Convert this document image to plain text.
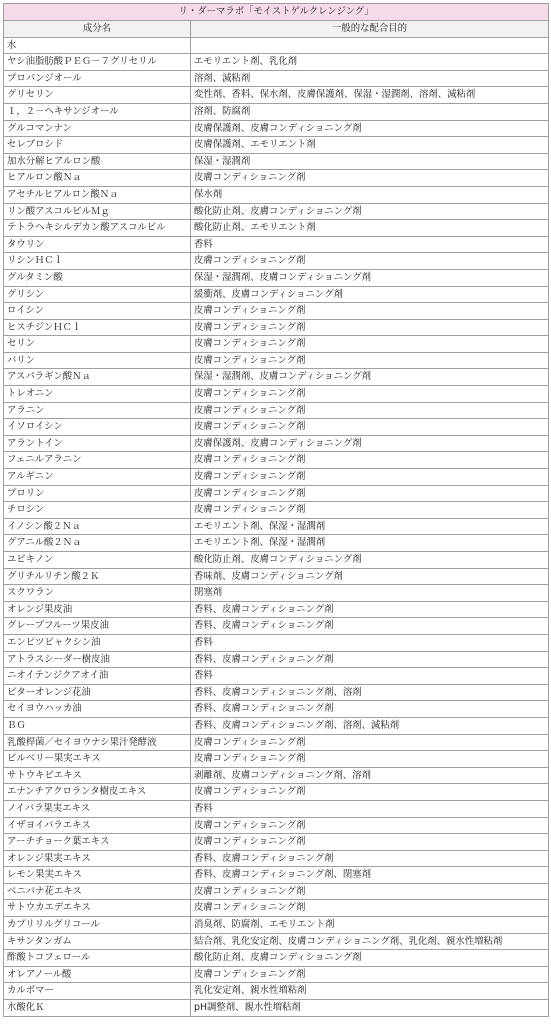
リ・ダーマラボ「モイストゲルクレンジング」	
成分名	一般的な配合目的
水	
ヤシ油脂肪酸ＰＥＧ－７グリセリル	エモリエント剤、乳化剤
プロパンジオール	溶剤、減粘剤
グリセリン	変性剤、香料、保水剤、皮膚保護剤、保湿・湿潤剤、溶剤、減粘剤
１，２－ヘキサンジオール	溶剤、防腐剤
グルコマンナン	皮膚保護剤、皮膚コンディショニング剤
セレブロシド	皮膚保護剤、エモリエント剤
加水分解ヒアルロン酸	保湿・湿潤剤
ヒアルロン酸Ｎａ	皮膚コンディショニング剤
アセチルヒアルロン酸Ｎａ	保水剤
リン酸アスコルビルＭｇ	酸化防止剤、皮膚コンディショニング剤
テトラヘキシルデカン酸アスコルビル	酸化防止剤、エモリエント剤
タウリン	香料
リシンＨＣｌ	皮膚コンディショニング剤
グルタミン酸	保湿・湿潤剤、皮膚コンディショニング剤
グリシン	緩衝剤、皮膚コンディショニング剤
ロイシン	皮膚コンディショニング剤
ヒスチジンＨＣｌ	皮膚コンディショニング剤
セリン	皮膚コンディショニング剤
バリン	皮膚コンディショニング剤
アスパラギン酸Ｎａ	保湿・湿潤剤、皮膚コンディショニング剤
トレオニン	皮膚コンディショニング剤
アラニン	皮膚コンディショニング剤
イソロイシン	皮膚コンディショニング剤
アラントイン	皮膚保護剤、皮膚コンディショニング剤
フェニルアラニン	皮膚コンディショニング剤
アルギニン	皮膚コンディショニング剤
プロリン	皮膚コンディショニング剤
チロシン	皮膚コンディショニング剤
イノシン酸２Ｎａ	エモリエント剤、保湿・湿潤剤
グアニル酸２Ｎａ	エモリエント剤、保湿・湿潤剤
ユビキノン	酸化防止剤、皮膚コンディショニング剤
グリチルリチン酸２Ｋ	香味剤、皮膚コンディショニング剤
スクワラン	閉塞剤
オレンジ果皮油	香料、皮膚コンディショニング剤
グレープフルーツ果皮油	香料、皮膚コンディショニング剤
エンピツビャクシン油	香料
アトラスシーダー樹皮油	香料、皮膚コンディショニング剤
ニオイテンジクアオイ油	香料
ビターオレンジ花油	香料、皮膚コンディショニング剤、溶剤
セイヨウハッカ油	香料、皮膚コンディショニング剤
ＢＧ	香料、皮膚コンディショニング剤、溶剤、減粘剤
乳酸桿菌／セイヨウナシ果汁発酵液	皮膚コンディショニング剤
ビルベリー果実エキス	皮膚コンディショニング剤
サトウキビエキス	剥離剤、皮膚コンディショニング剤、溶剤
エナンチアクロランタ樹皮エキス	皮膚コンディショニング剤
ノイバラ果実エキス	香料
イザヨイバラエキス	皮膚コンディショニング剤
アーチチョーク葉エキス	皮膚コンディショニング剤
オレンジ果実エキス	香料、皮膚コンディショニング剤
レモン果実エキス	香料、皮膚コンディショニング剤、閉塞剤
ベニバナ花エキス	皮膚コンディショニング剤
サトウカエデエキス	皮膚コンディショニング剤
カプリリルグリコール	消臭剤、防腐剤、エモリエント剤
キサンタンガム	結合剤、乳化安定剤、皮膚コンディショニング剤、乳化剤、親水性増粘剤
酢酸トコフェロール	酸化防止剤、皮膚コンディショニング剤
オレアノール酸	皮膚コンディショニング剤
カルボマー	乳化安定剤、親水性増粘剤
水酸化Ｋ	pH調整剤、親水性増粘剤
